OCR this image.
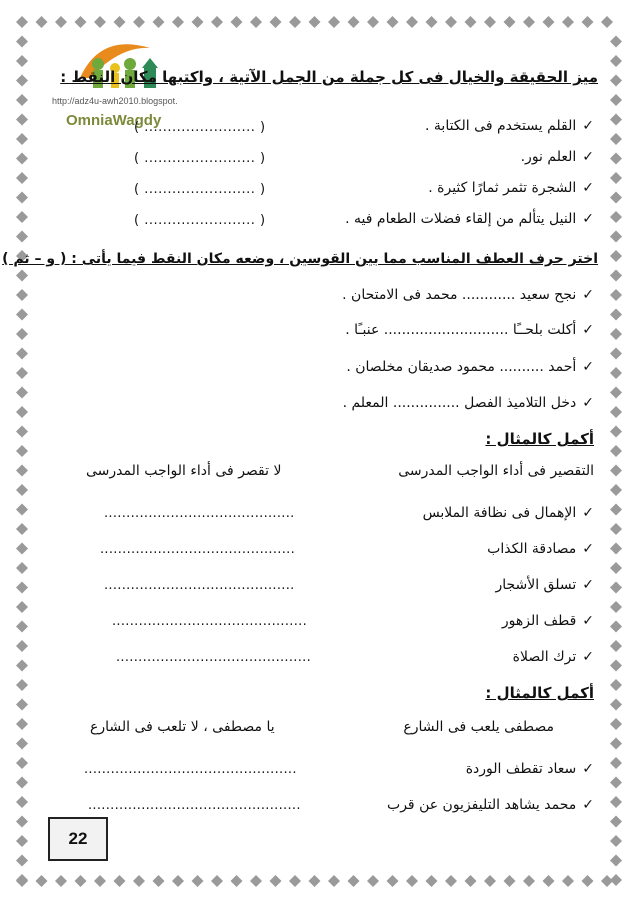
http://adz4u-awh2010.blogspot.
OmniaWagdy
ميز الحقيقة والخيال فى كل جملة من الجمل الآتية ، واكتبها مكان النقط :
✓القلم يستخدم فى الكتابة .
( ........................ )
✓العلم نور.
( ........................ )
✓الشجرة تثمر ثمارًا كثيرة .
( ........................ )
✓النيل يتألم من إلقاء فضلات الطعام فيه .
( ........................ )
اختر حرف العطف المناسب مما بين القوسين ، وضعه مكان النقط فيما يأتى : ( و – ثم )
✓نجح سعيد ............ محمد فى الامتحان .
✓أكلت بلحــًا ............................ عنبـًا .
✓أحمد .......... محمود صديقان مخلصان .
✓دخل التلاميذ الفصل ............... المعلم .
أكمل كالمثال :
التقصير فى أداء الواجب المدرسى
لا تقصر فى أداء الواجب المدرسى
✓الإهمال فى نظافة الملابس
...........................................
✓مصادقة الكذاب
............................................
✓تسلق الأشجار
...........................................
✓قطف الزهور
............................................
✓ترك الصلاة
............................................
أكمل كالمثال :
مصطفى يلعب فى الشارع
يا مصطفى ، لا تلعب فى الشارع
✓سعاد تقطف الوردة
................................................
✓محمد يشاهد التليفزيون عن قرب
................................................
22
